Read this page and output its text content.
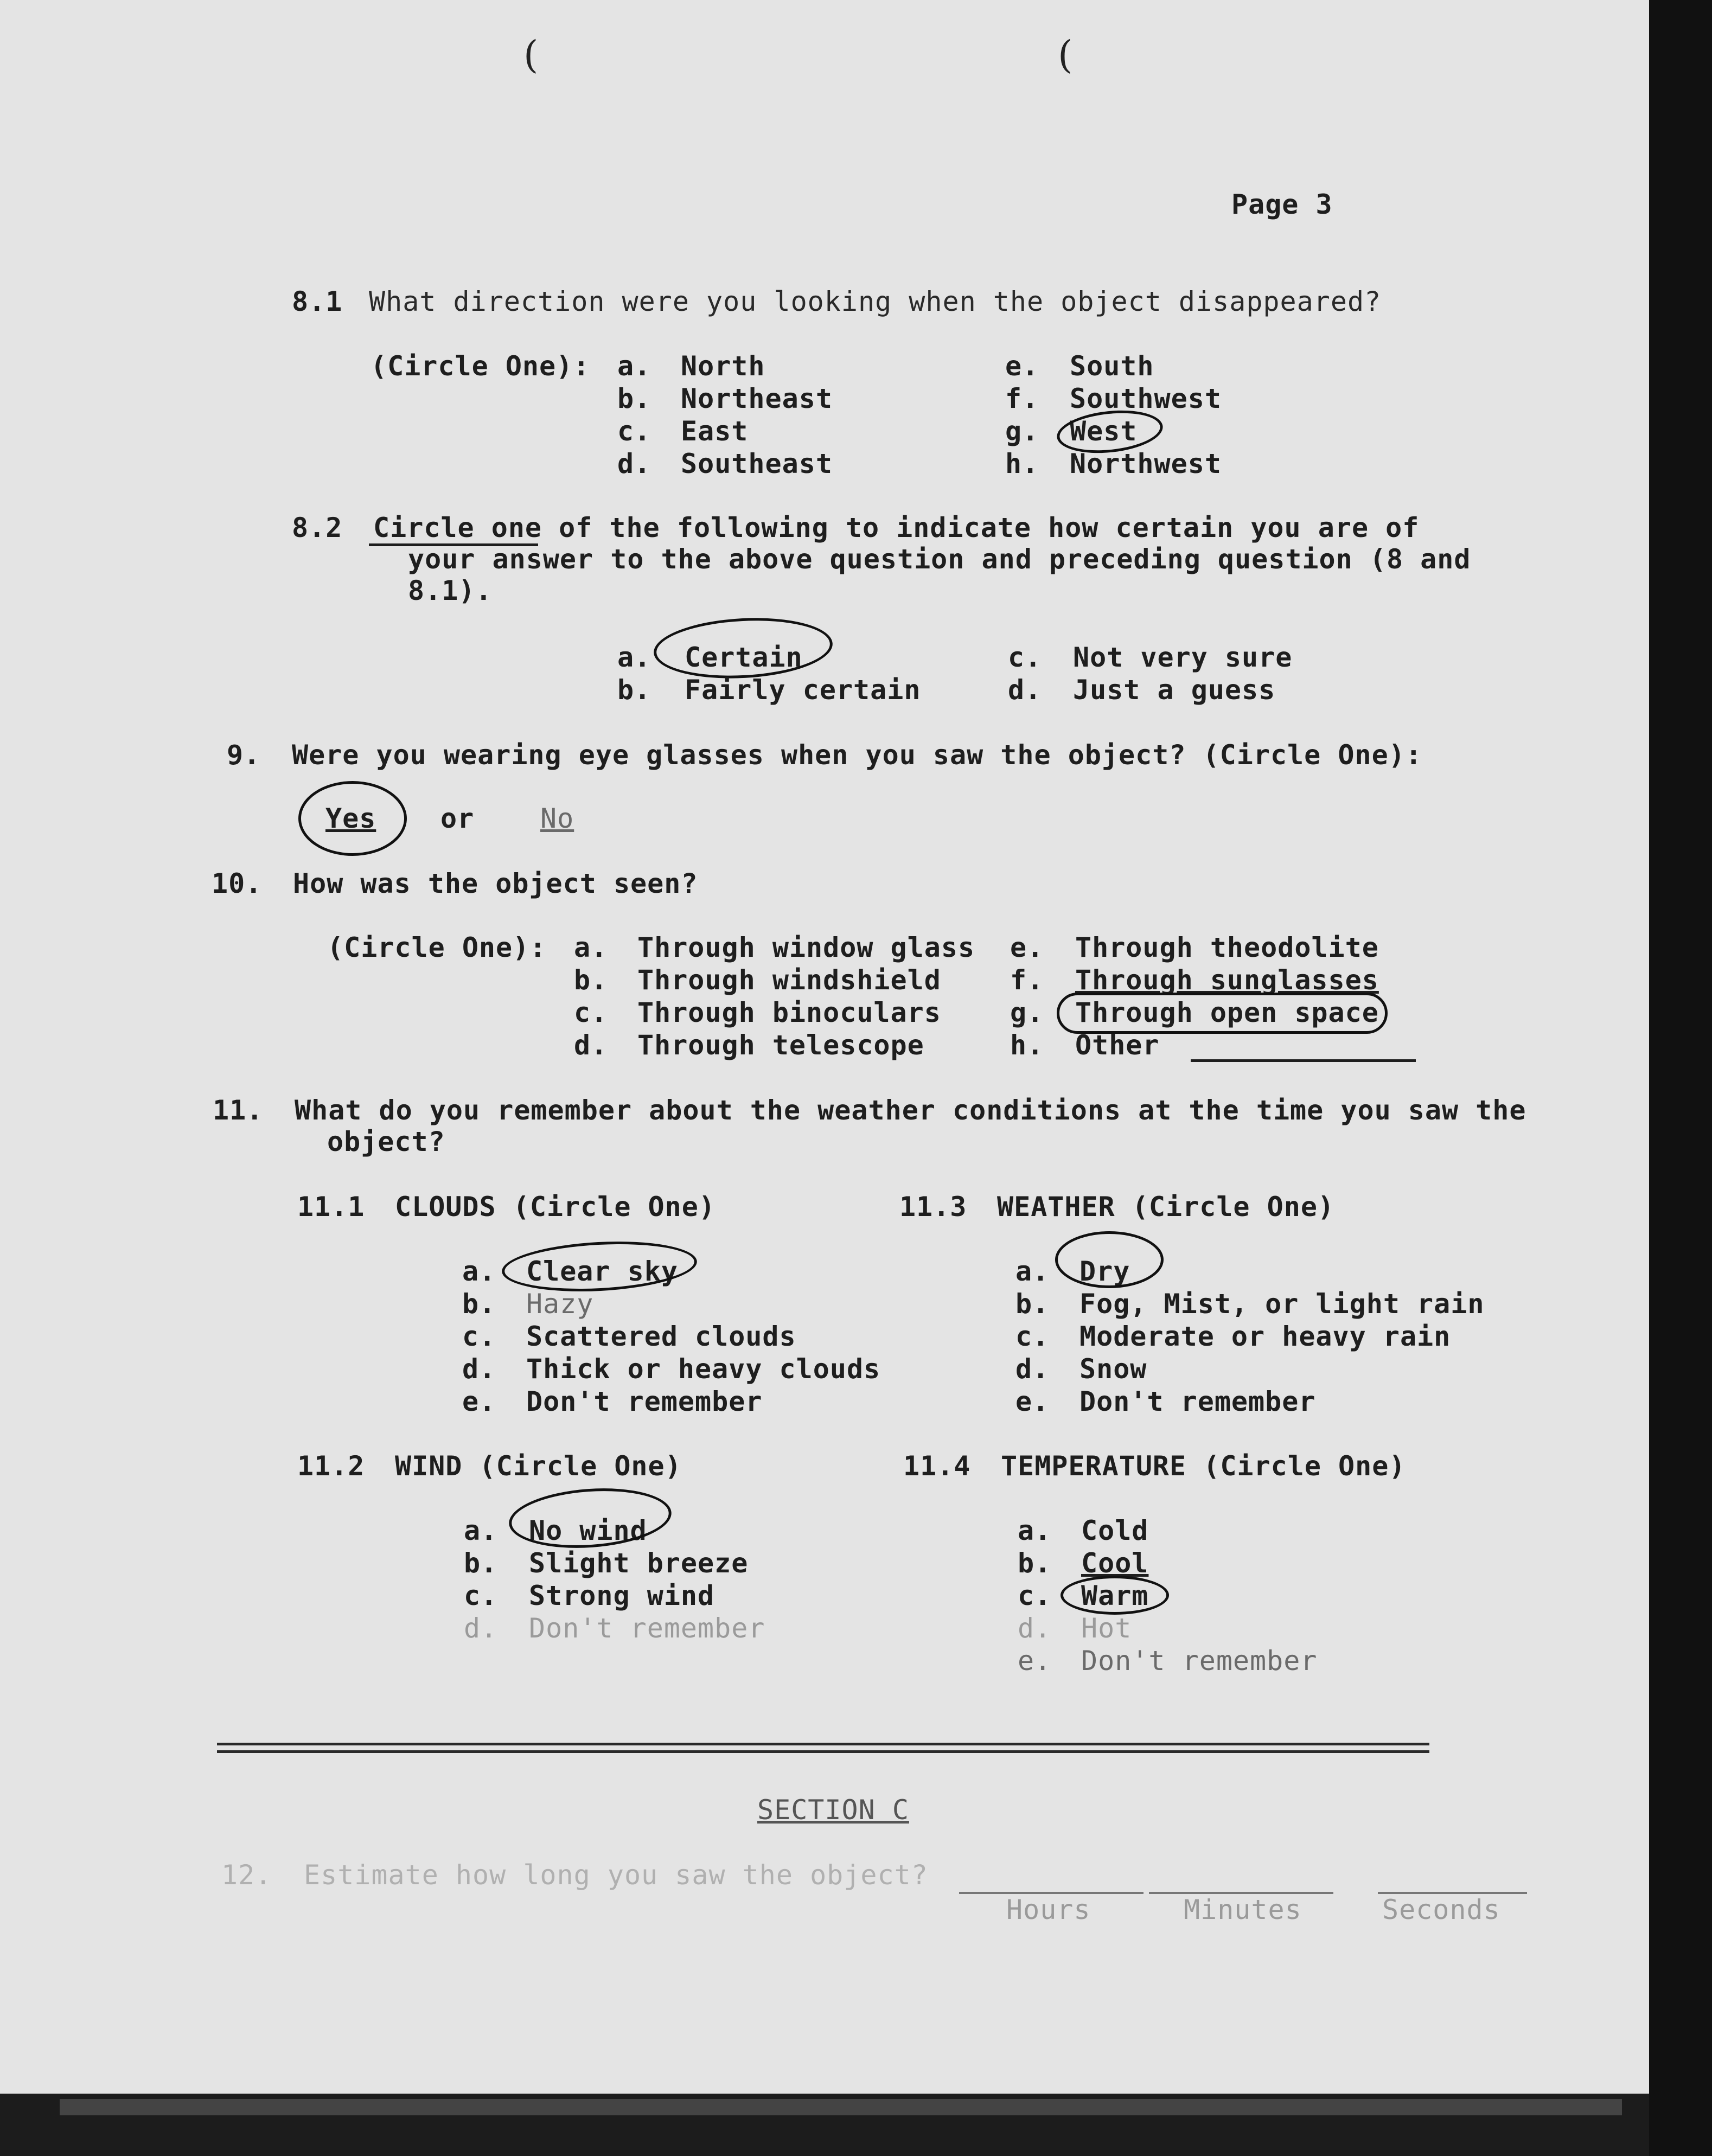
Page 3
(	(
8.1 What direction were you looking when the object disappeared?
(Circle One): a. North
b. Northeast
c. East
d. Southeast
e. South
f. Southwest
g. West
h. Northwest
8.2 Circle one of the following to indicate how certain you are of
your answer to the above question and preceding question (8 and
8.1).
a. Certain
b. Fairly certain
c. Not very sure
d. Just a guess
9. Were you wearing eye glasses when you saw the object? (Circle One):
Yes or No
10. How was the object seen?
(Circle One): a. Through window glass
b. Through windshield
c. Through binoculars
d. Through telescope
e. Through theodolite
f. Through sunglasses
g. Through open space
h. Other
11. What do you remember about the weather conditions at the time you saw the
object?
11.1 CLOUDS (Circle One)
a. Clear sky
b. Hazy
c. Scattered clouds
d. Thick or heavy clouds
e. Don't remember
11.3 WEATHER (Circle One)
a. Dry
b. Fog, Mist, or light rain
c. Moderate or heavy rain
d. Snow
e. Don't remember
11.2 WIND (Circle One)
a. No wind
b. Slight breeze
c. Strong wind
d. Don't remember
11.4 TEMPERATURE (Circle One)
a. Cold
b. Cool
c. Warm
d. Hot
e. Don't remember
SECTION C
12. Estimate how long you saw the object?
Hours	Minutes	Seconds
